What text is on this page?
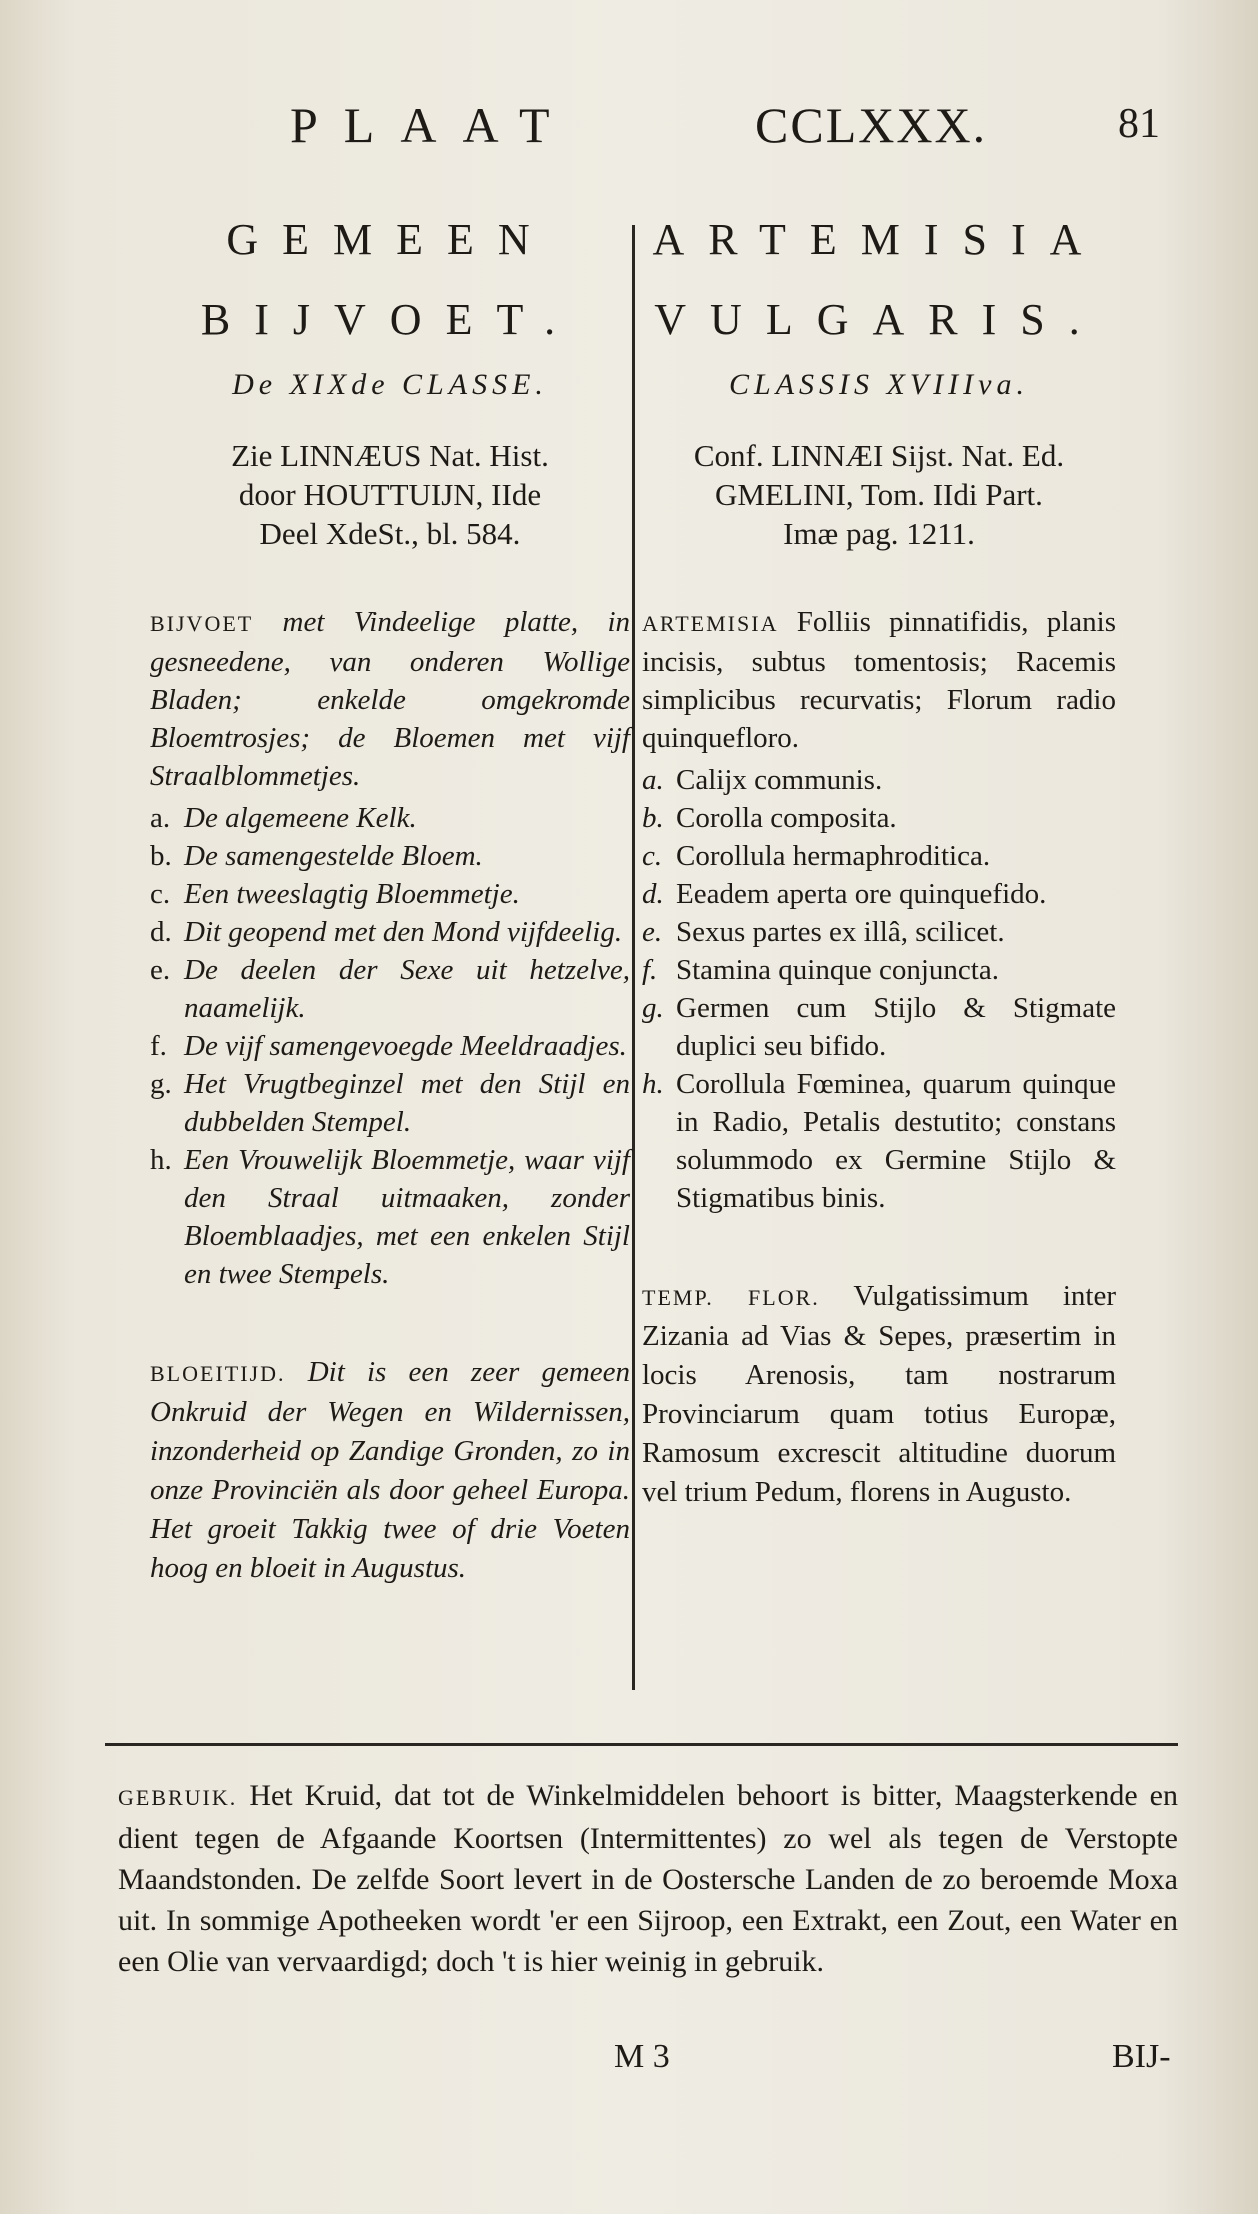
PLAAT	CCLXXX.	81
GEMEEN
BIJVOET.
De XIXde CLASSE.
Zie LINNÆUS Nat. Hist.
door HOUTTUIJN, IIde
Deel XdeSt., bl. 584.
BIJVOET met Vindeelige platte, in gesneedene, van onderen Wollige Bladen; enkelde omgekromde Bloemtrosjes; de Bloemen met vijf Straalblommetjes.
a. De algemeene Kelk.
b. De samengestelde Bloem.
c. Een tweeslagtig Bloemmetje.
d. Dit geopend met den Mond vijfdeelig.
e. De deelen der Sexe uit hetzelve, naamelijk.
f. De vijf samengevoegde Meeldraadjes.
g. Het Vrugtbeginzel met den Stijl en dubbelden Stempel.
h. Een Vrouwelijk Bloemmetje, waar vijf den Straal uitmaaken, zonder Bloemblaadjes, met een enkelen Stijl en twee Stempels.
BLOEITIJD. Dit is een zeer gemeen Onkruid der Wegen en Wildernissen, inzonderheid op Zandige Gronden, zo in onze Provinciën als door geheel Europa. Het groeit Takkig twee of drie Voeten hoog en bloeit in Augustus.
ARTEMISIA
VULGARIS.
CLASSIS XVIIIva.
Conf. LINNÆI Sijst. Nat. Ed.
GMELINI, Tom. IIdi Part.
Imæ pag. 1211.
ARTEMISIA Folliis pinnatifidis, planis incisis, subtus tomentosis; Racemis simplicibus recurvatis; Florum radio quinquefloro.
a. Calijx communis.
b. Corolla composita.
c. Corollula hermaphroditica.
d. Eeadem aperta ore quinquefido.
e. Sexus partes ex illâ, scilicet.
f. Stamina quinque conjuncta.
g. Germen cum Stijlo & Stigmate duplici seu bifido.
h. Corollula Fœminea, quarum quinque in Radio, Petalis destutito; constans solummodo ex Germine Stijlo & Stigmatibus binis.
TEMP. FLOR. Vulgatissimum inter Zizania ad Vias & Sepes, præsertim in locis Arenosis, tam nostrarum Provinciarum quam totius Europæ, Ramosum excrescit altitudine duorum vel trium Pedum, florens in Augusto.
GEBRUIK. Het Kruid, dat tot de Winkelmiddelen behoort is bitter, Maagsterkende en dient tegen de Afgaande Koortsen (Intermittentes) zo wel als tegen de Verstopte Maandstonden. De zelfde Soort levert in de Oostersche Landen de zo beroemde Moxa uit. In sommige Apotheeken wordt 'er een Sijroop, een Extrakt, een Zout, een Water en een Olie van vervaardigd; doch 't is hier weinig in gebruik.
M 3	BIJ-
